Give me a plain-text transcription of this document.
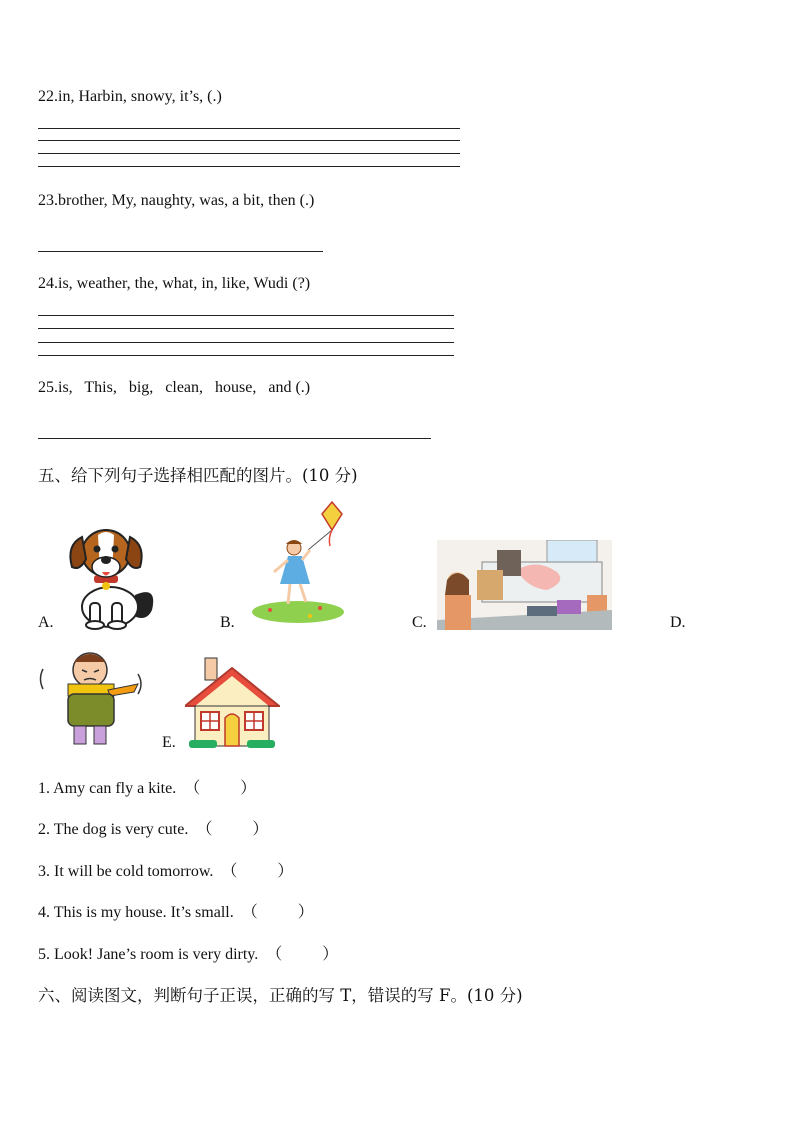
22.in, Harbin, snowy, it’s, (.)
23.brother, My, naughty, was, a bit, then (.)
24.is, weather, the, what, in, like, Wudi (?)
25.is,   This,   big,   clean,   house,   and (.)
五、给下列句子选择相匹配的图片。(10 分)
A.	B.	C.	D.
E.
1. Amy can fly a kite.  （          ）
2. The dog is very cute.  （          ）
3. It will be cold tomorrow.  （          ）
4. This is my house. It’s small.  （          ）
5. Look! Jane’s room is very dirty.  （          ）
六、阅读图文，判断句子正误，正确的写 T，错误的写 F。(10 分)
